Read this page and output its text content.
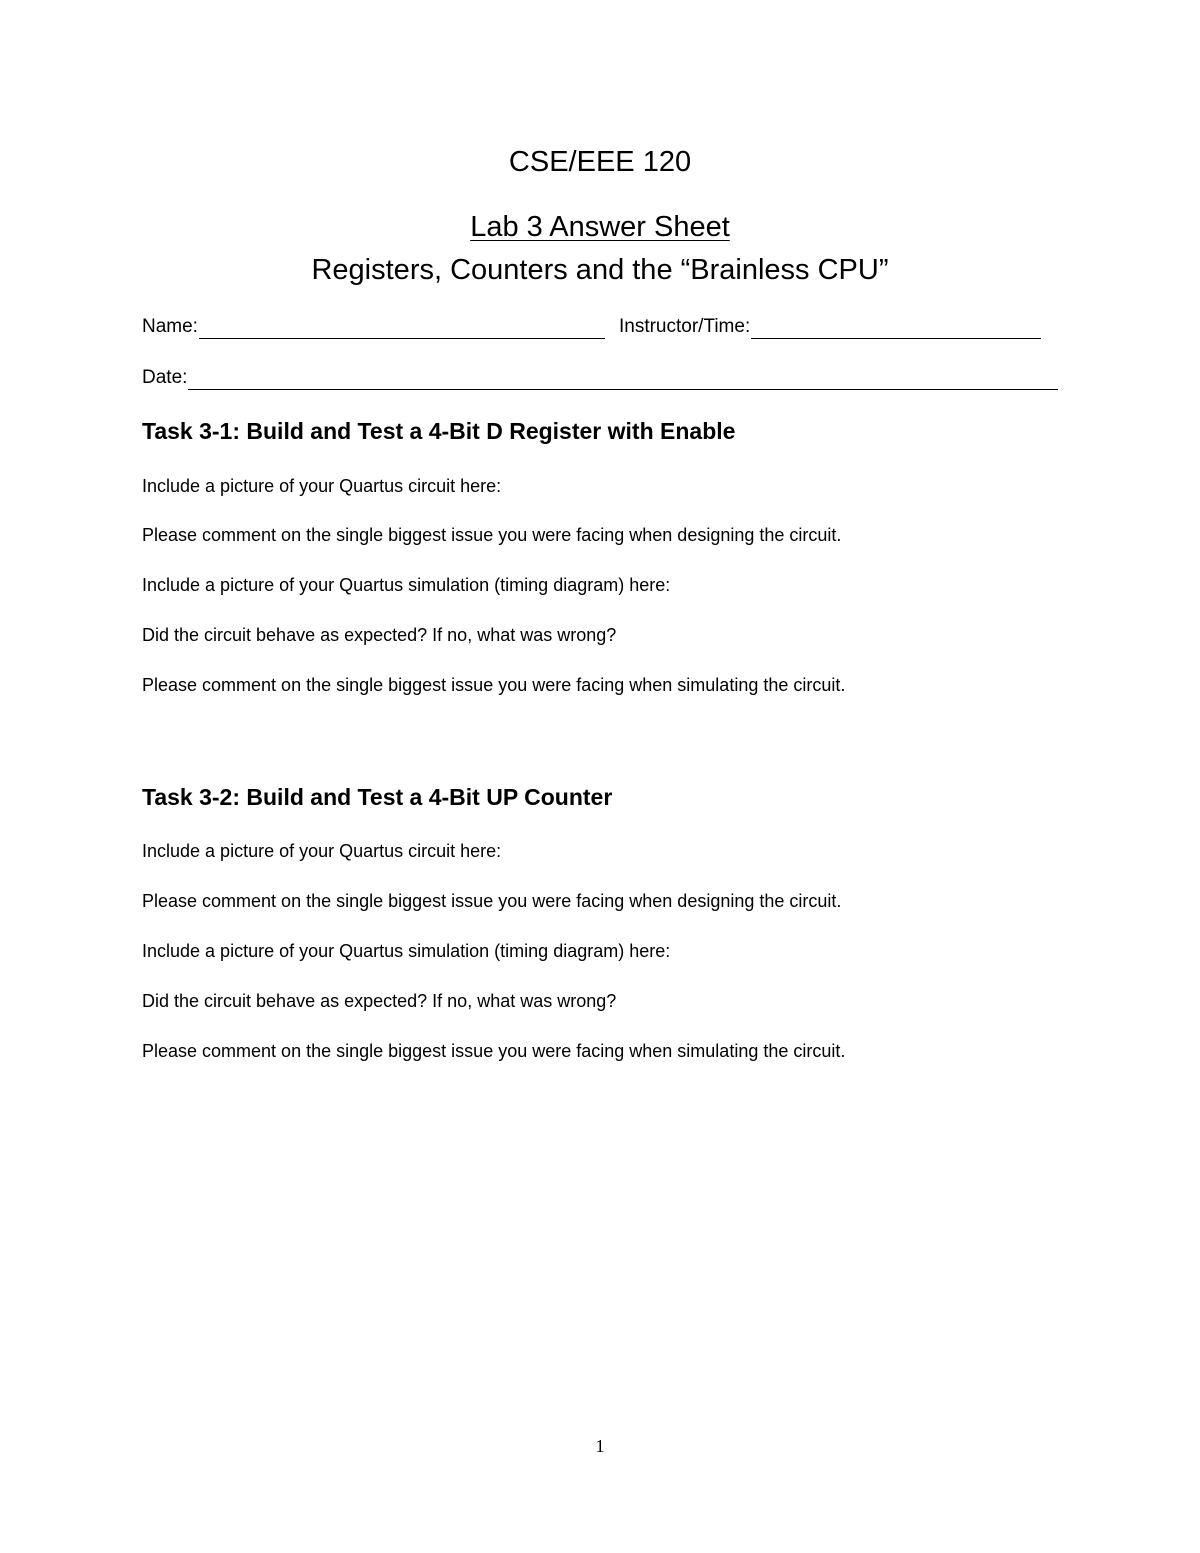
CSE/EEE 120
Lab 3 Answer Sheet
Registers, Counters and the “Brainless CPU”
Name:	Instructor/Time:
Date:
Task 3-1: Build and Test a 4-Bit D Register with Enable
Include a picture of your Quartus circuit here:
Please comment on the single biggest issue you were facing when designing the circuit.
Include a picture of your Quartus simulation (timing diagram) here:
Did the circuit behave as expected? If no, what was wrong?
Please comment on the single biggest issue you were facing when simulating the circuit.
Task 3-2: Build and Test a 4-Bit UP Counter
Include a picture of your Quartus circuit here:
Please comment on the single biggest issue you were facing when designing the circuit.
Include a picture of your Quartus simulation (timing diagram) here:
Did the circuit behave as expected? If no, what was wrong?
Please comment on the single biggest issue you were facing when simulating the circuit.
1
